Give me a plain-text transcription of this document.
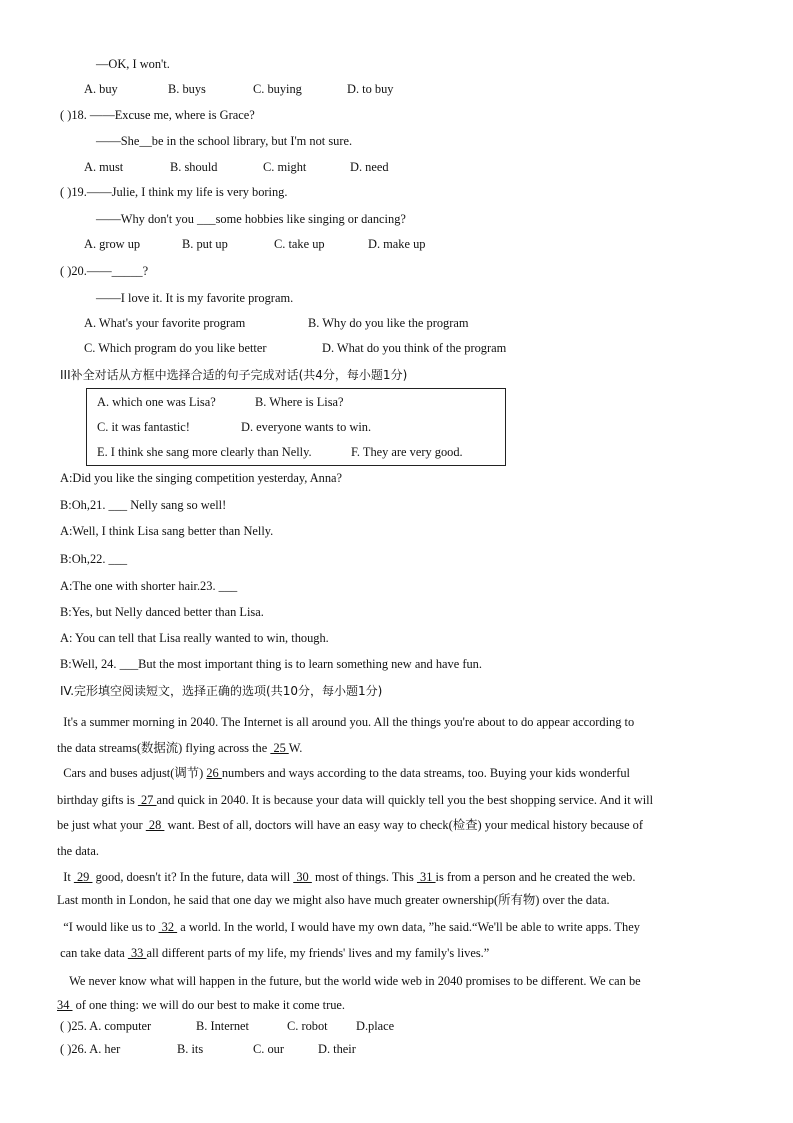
—OK, I won't.
A. buy	B. buys	C. buying	D. to buy
( )18. ——Excuse me, where is Grace?
——She__be in the school library, but I'm not sure.
A. must	B. should	C. might	D. need
( )19.——Julie, I think my life is very boring.
——Why don't you ___some hobbies like singing or dancing?
A. grow up	B. put up	C. take up	D. make up
( )20.——_____?
——I love it. It is my favorite program.
A. What's your favorite program	B. Why do you like the program
C. Which program do you like better	D. What do you think of the program
III补全对话从方框中选择合适的句子完成对话(共4分，每小题1分)
A. which one was Lisa?	B. Where is Lisa?
C. it was fantastic!	D. everyone wants to win.
E. I think she sang more clearly than Nelly.	F. They are very good.
A:Did you like the singing competition yesterday, Anna?
B:Oh,21. ___ Nelly sang so well!
A:Well, I think Lisa sang better than Nelly.
B:Oh,22. ___
A:The one with shorter hair.23. ___
B:Yes, but Nelly danced better than Lisa.
A: You can tell that Lisa really wanted to win, though.
B:Well, 24. ___But the most important thing is to learn something new and have fun.
IV.完形填空阅读短文，选择正确的选项(共10分，每小题1分)
It's a summer morning in 2040. The Internet is all around you. All the things you're about to do appear according to
the data streams(数据流) flying across the  25 W.
Cars and buses adjust(调节) 26 numbers and ways according to the data streams, too. Buying your kids wonderful
birthday gifts is  27 and quick in 2040. It is because your data will quickly tell you the best shopping service. And it will
be just what your  28  want. Best of all, doctors will have an easy way to check(检查) your medical history because of
the data.
It  29  good, doesn't it? In the future, data will  30  most of things. This  31 is from a person and he created the web.
Last month in London, he said that one day we might also have much greater ownership(所有物) over the data.
“I would like us to  32  a world. In the world, I would have my own data, ”he said.“We'll be able to write apps. They
can take data  33 all different parts of my life, my friends' lives and my family's lives.”
We never know what will happen in the future, but the world wide web in 2040 promises to be different. We can be
34  of one thing: we will do our best to make it come true.
( )25. A. computer	B. Internet	C. robot D.place
( )26. A. her	B. its	C. our	D. their
